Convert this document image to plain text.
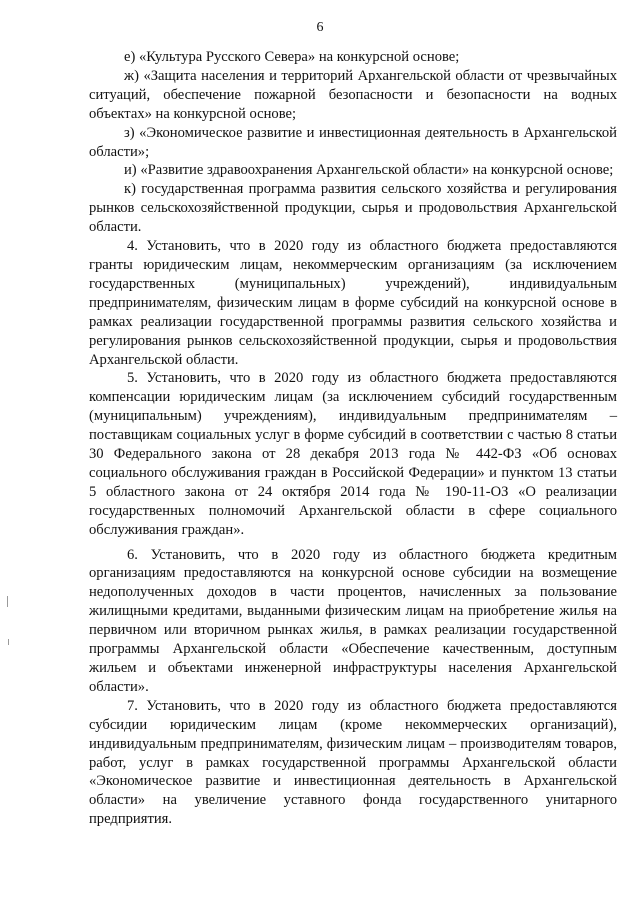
6

е) «Культура Русского Севера» на конкурсной основе;

ж) «Защита населения и территорий Архангельской области от чрезвычайных ситуаций, обеспечение пожарной безопасности и безопасности на водных объектах» на конкурсной основе;

з) «Экономическое развитие и инвестиционная деятельность в Архангельской области»;

и) «Развитие здравоохранения Архангельской области» на конкурсной основе;

к) государственная программа развития сельского хозяйства и регулирования рынков сельскохозяйственной продукции, сырья и продовольствия Архангельской области.

4. Установить, что в 2020 году из областного бюджета предоставляются гранты юридическим лицам, некоммерческим организациям (за исключением государственных (муниципальных) учреждений), индивидуальным предпринимателям, физическим лицам в форме субсидий на конкурсной основе в рамках реализации государственной программы развития сельского хозяйства и регулирования рынков сельскохозяйственной продукции, сырья и продовольствия Архангельской области.

5. Установить, что в 2020 году из областного бюджета предоставляются компенсации юридическим лицам (за исключением субсидий государственным (муниципальным) учреждениям), индивидуальным предпринимателям – поставщикам социальных услуг в форме субсидий в соответствии с частью 8 статьи 30 Федерального закона от 28 декабря 2013 года № 442-ФЗ «Об основах социального обслуживания граждан в Российской Федерации» и пунктом 13 статьи 5 областного закона от 24 октября 2014 года № 190-11-ОЗ «О реализации государственных полномочий Архангельской области в сфере социального обслуживания граждан».

6. Установить, что в 2020 году из областного бюджета кредитным организациям предоставляются на конкурсной основе субсидии на возмещение недополученных доходов в части процентов, начисленных за пользование жилищными кредитами, выданными физическим лицам на приобретение жилья на первичном или вторичном рынках жилья, в рамках реализации государственной программы Архангельской области «Обеспечение качественным, доступным жильем и объектами инженерной инфраструктуры населения Архангельской области».

7. Установить, что в 2020 году из областного бюджета предоставляются субсидии юридическим лицам (кроме некоммерческих организаций), индивидуальным предпринимателям, физическим лицам – производителям товаров, работ, услуг в рамках государственной программы Архангельской области «Экономическое развитие и инвестиционная деятельность в Архангельской области» на увеличение уставного фонда государственного унитарного предприятия.
